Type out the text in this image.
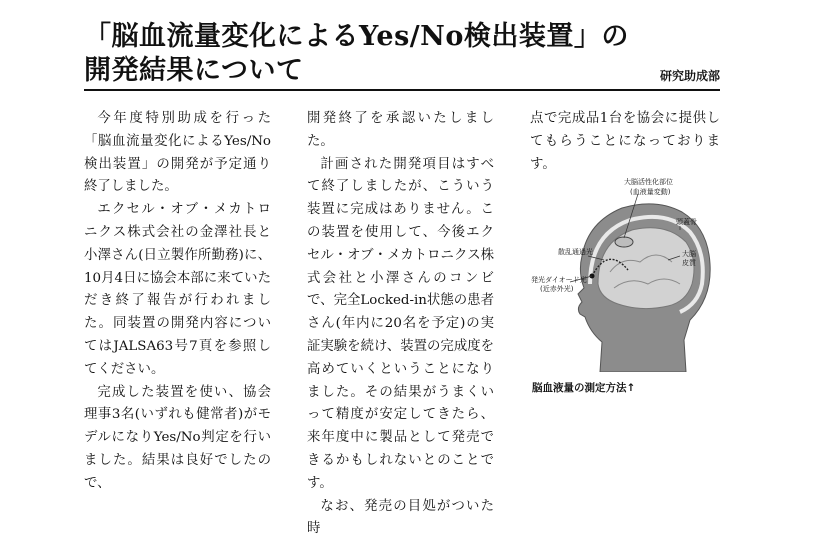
「脳血流量変化によるYes/No検出装置」の
開発結果について	研究助成部

今年度特別助成を行った「脳血流量変化によるYes/No検出装置」の開発が予定通り終了しました。

エクセル・オブ・メカトロニクス株式会社の金澤社長と小澤さん(日立製作所勤務)に、10月4日に協会本部に来ていただき終了報告が行われました。同装置の開発内容についてはJALSA63号7頁を参照してください。

完成した装置を使い、協会理事3名(いずれも健常者)がモデルになりYes/No判定を行いました。結果は良好でしたので、

開発終了を承認いたしました。

計画された開発項目はすべて終了しましたが、こういう装置に完成はありません。この装置を使用して、今後エクセル・オブ・メカトロニクス株式会社と小澤さんのコンビで、完全Locked-in状態の患者さん(年内に20名を予定)の実証実験を続け、装置の完成度を高めていくということになりました。その結果がうまくいって精度が安定してきたら、来年度中に製品として発売できるかもしれないとのことです。

なお、発売の目処がついた時

点で完成品1台を協会に提供してもらうことになっております。

大脳活性化部位
(血液量変動)
頭蓋骨
散乱通過光	大脳
皮質
発光ダイオード光
(近赤外光)
脳血液量の測定方法↑
